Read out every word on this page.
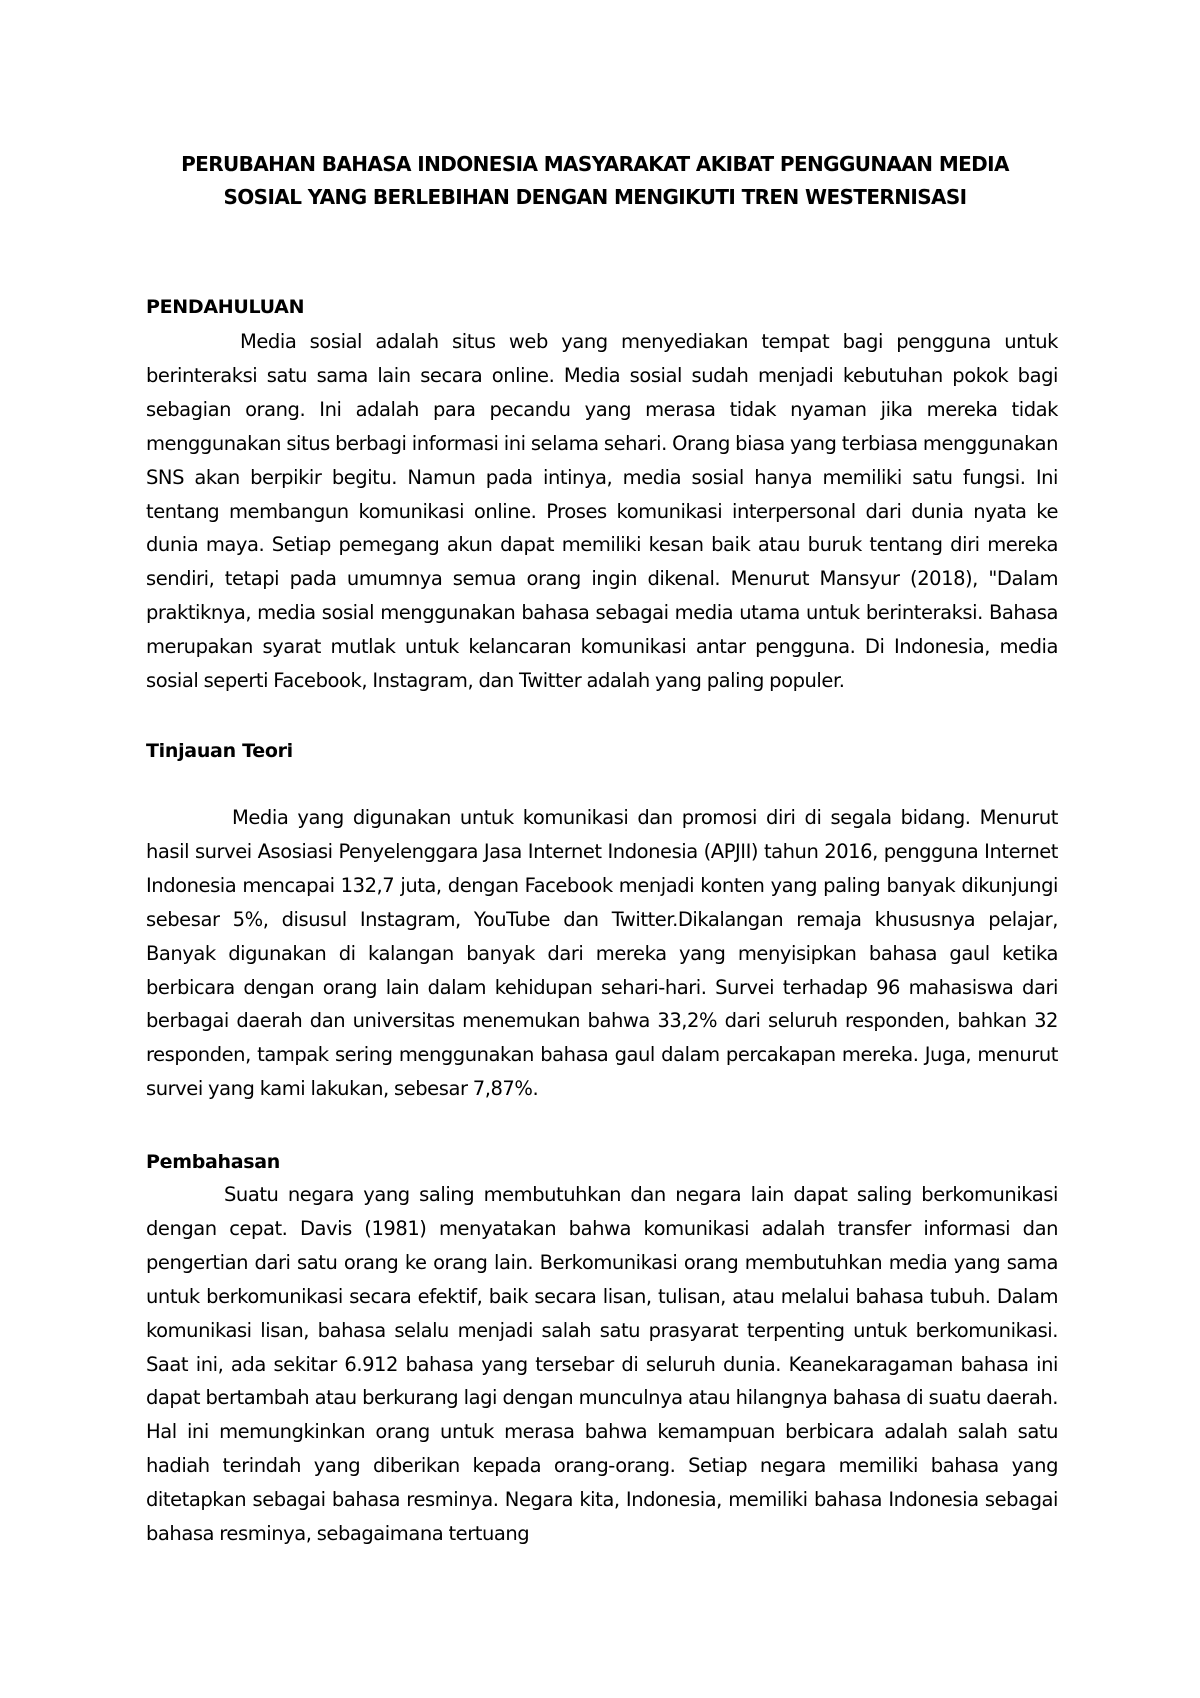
PERUBAHAN BAHASA INDONESIA MASYARAKAT AKIBAT PENGGUNAAN MEDIA
SOSIAL YANG BERLEBIHAN DENGAN MENGIKUTI TREN WESTERNISASI
PENDAHULUAN
Media sosial adalah situs web yang menyediakan tempat bagi pengguna untuk berinteraksi satu sama lain secara online. Media sosial sudah menjadi kebutuhan pokok bagi sebagian orang. Ini adalah para pecandu yang merasa tidak nyaman jika mereka tidak menggunakan situs berbagi informasi ini selama sehari. Orang biasa yang terbiasa menggunakan SNS akan berpikir begitu. Namun pada intinya, media sosial hanya memiliki satu fungsi. Ini tentang membangun komunikasi online. Proses komunikasi interpersonal dari dunia nyata ke dunia maya. Setiap pemegang akun dapat memiliki kesan baik atau buruk tentang diri mereka sendiri, tetapi pada umumnya semua orang ingin dikenal. Menurut Mansyur (2018), "Dalam praktiknya, media sosial menggunakan bahasa sebagai media utama untuk berinteraksi. Bahasa merupakan syarat mutlak untuk kelancaran komunikasi antar pengguna. Di Indonesia, media sosial seperti Facebook, Instagram, dan Twitter adalah yang paling populer.
Tinjauan Teori
Media yang digunakan untuk komunikasi dan promosi diri di segala bidang. Menurut hasil survei Asosiasi Penyelenggara Jasa Internet Indonesia (APJII) tahun 2016, pengguna Internet Indonesia mencapai 132,7 juta, dengan Facebook menjadi konten yang paling banyak dikunjungi sebesar 5%, disusul Instagram, YouTube dan Twitter.Dikalangan remaja khususnya pelajar, Banyak digunakan di kalangan banyak dari mereka yang menyisipkan bahasa gaul ketika berbicara dengan orang lain dalam kehidupan sehari-hari. Survei terhadap 96 mahasiswa dari berbagai daerah dan universitas menemukan bahwa 33,2% dari seluruh responden, bahkan 32 responden, tampak sering menggunakan bahasa gaul dalam percakapan mereka. Juga, menurut survei yang kami lakukan, sebesar 7,87%.
Pembahasan
Suatu negara yang saling membutuhkan dan negara lain dapat saling berkomunikasi dengan cepat. Davis (1981) menyatakan bahwa komunikasi adalah transfer informasi dan pengertian dari satu orang ke orang lain. Berkomunikasi orang membutuhkan media yang sama untuk berkomunikasi secara efektif, baik secara lisan, tulisan, atau melalui bahasa tubuh. Dalam komunikasi lisan, bahasa selalu menjadi salah satu prasyarat terpenting untuk berkomunikasi. Saat ini, ada sekitar 6.912 bahasa yang tersebar di seluruh dunia. Keanekaragaman bahasa ini dapat bertambah atau berkurang lagi dengan munculnya atau hilangnya bahasa di suatu daerah. Hal ini memungkinkan orang untuk merasa bahwa kemampuan berbicara adalah salah satu hadiah terindah yang diberikan kepada orang-orang. Setiap negara memiliki bahasa yang ditetapkan sebagai bahasa resminya. Negara kita, Indonesia, memiliki bahasa Indonesia sebagai bahasa resminya, sebagaimana tertuang
